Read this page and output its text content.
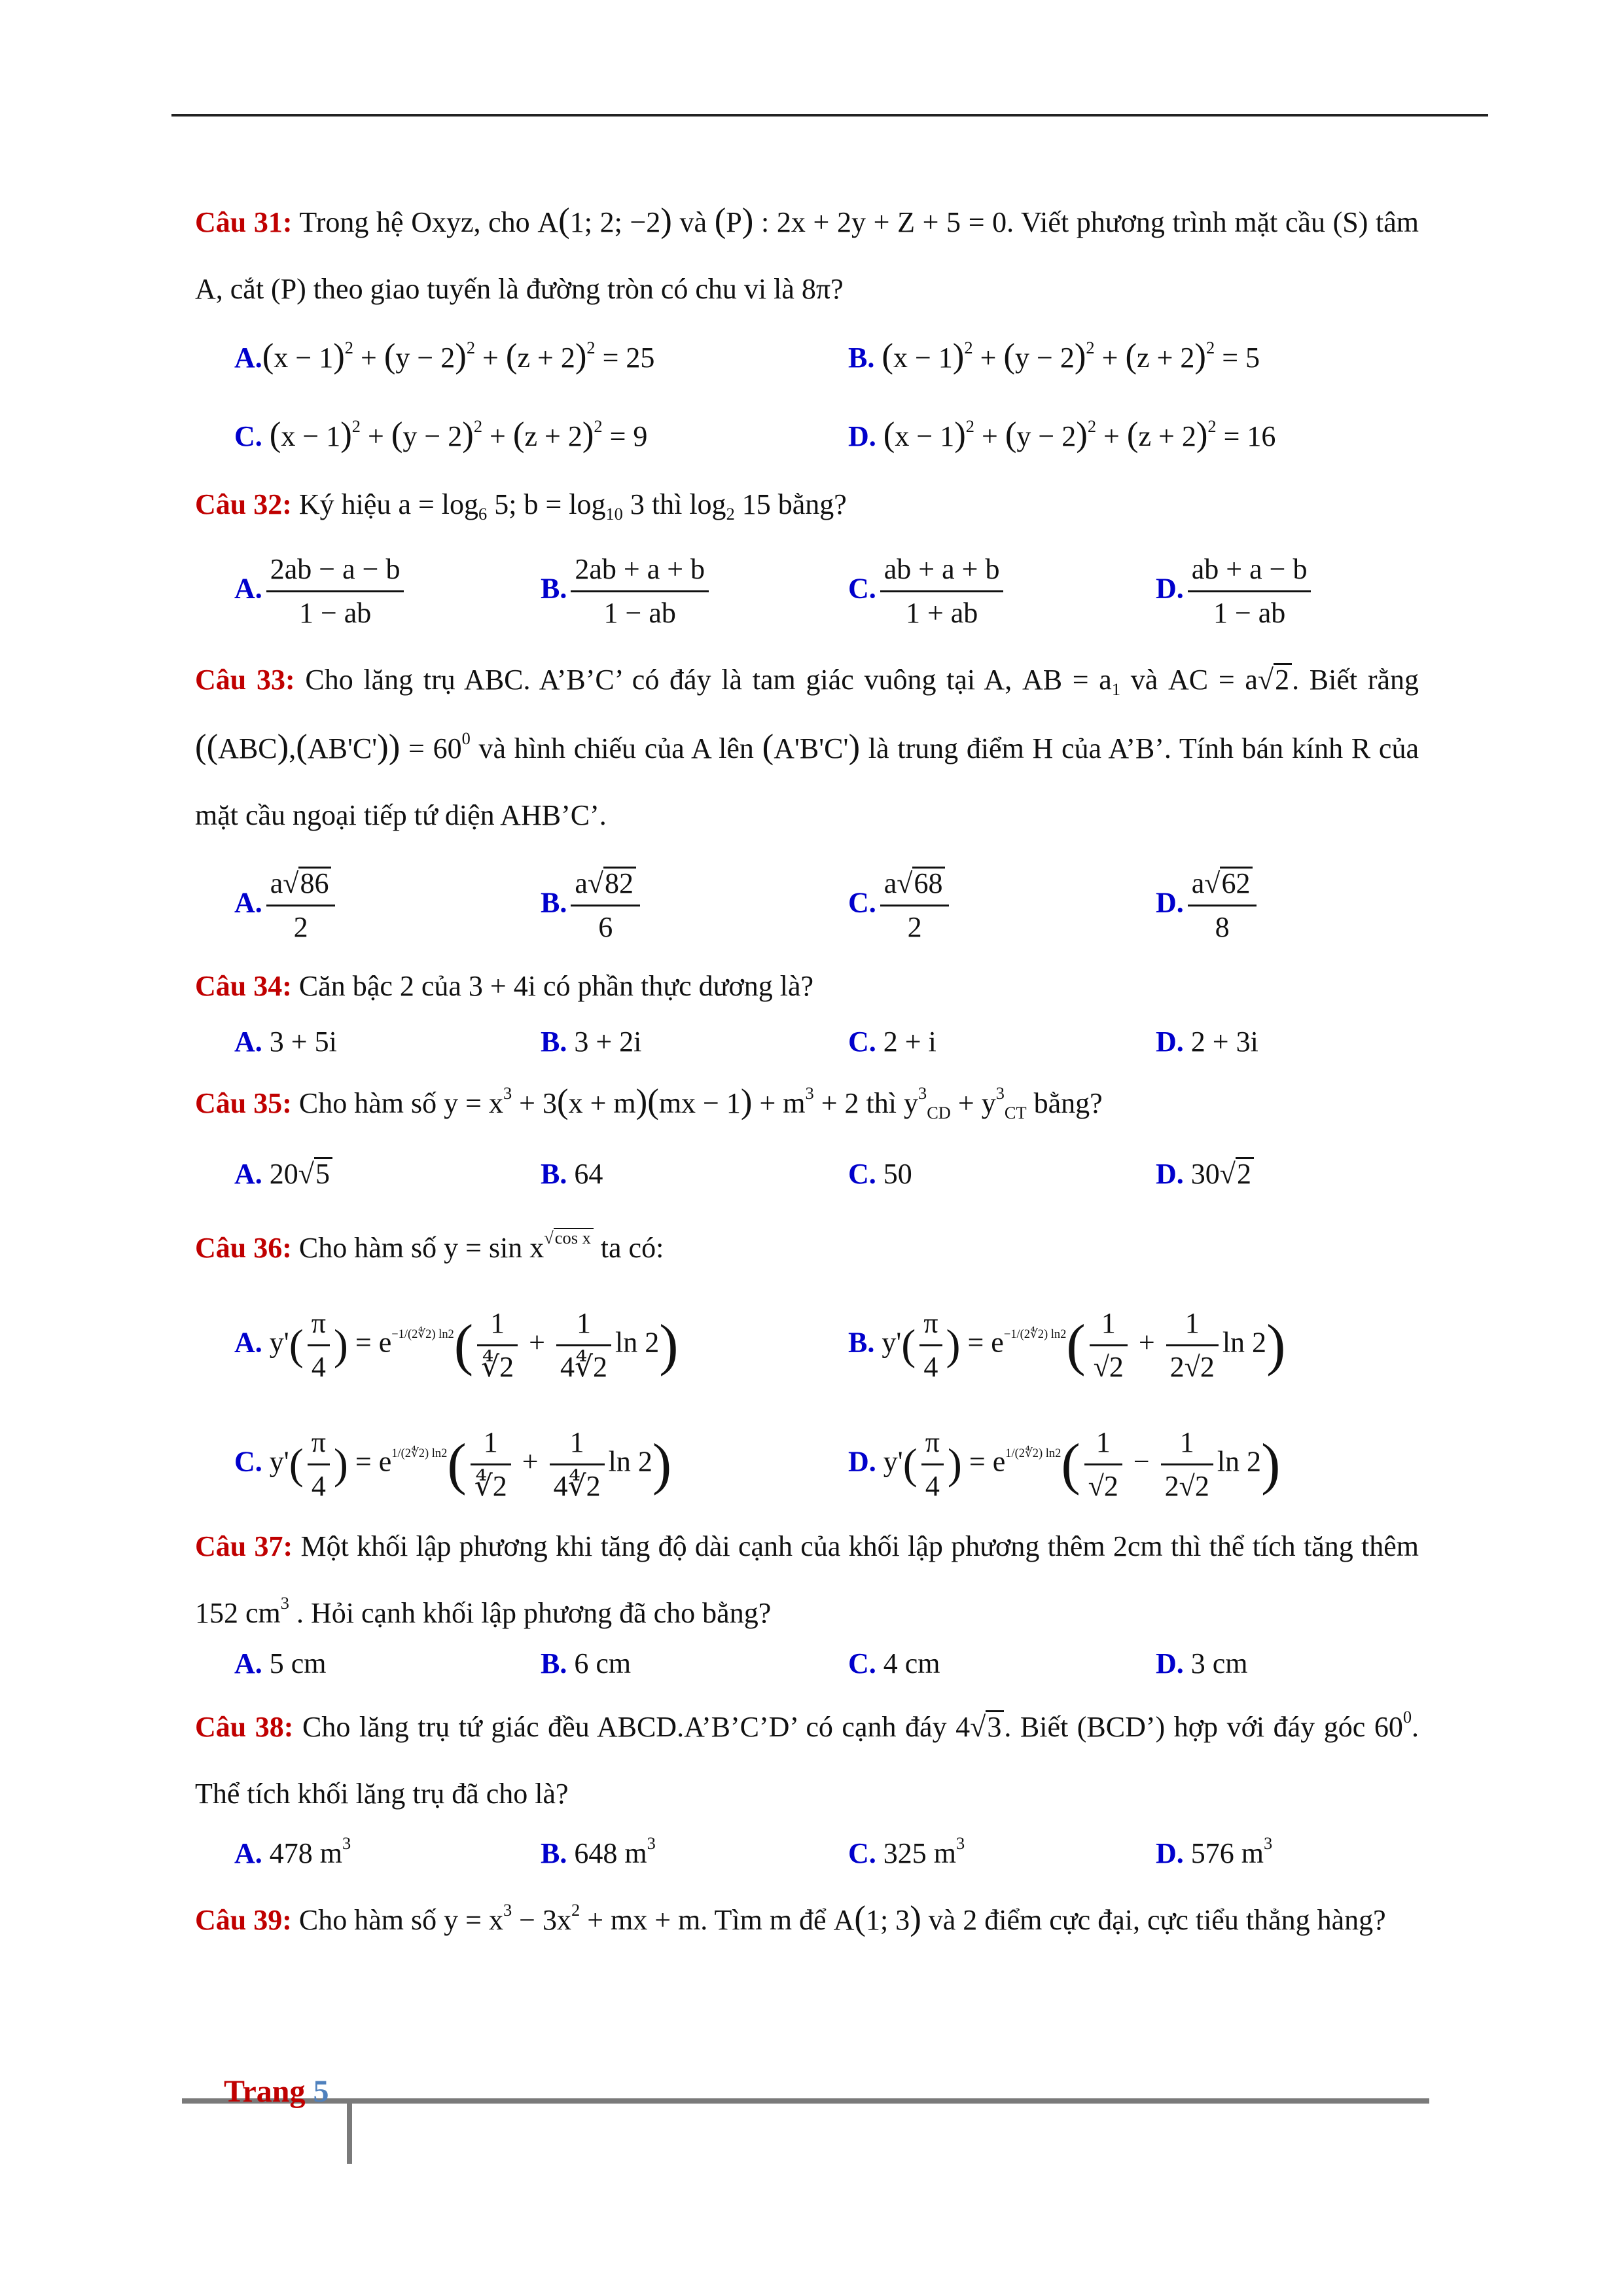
Câu 31: Trong hệ Oxyz, cho A(1; 2; −2) và (P) : 2x + 2y + Z + 5 = 0. Viết phương trình mặt cầu (S) tâm A, cắt (P) theo giao tuyến là đường tròn có chu vi là 8π?
$A.(x - 1)^2 + (y - 2)^2 + (z + 2)^2 = 25$	B. $(x - 1)^2 + (y - 2)^2 + (z + 2)^2 = 5$
C. $(x - 1)^2 + (y - 2)^2 + (z + 2)^2 = 9$	D. $(x - 1)^2 + (y - 2)^2 + (z + 2)^2 = 16$
Câu 32: Ký hiệu $a = \log_6 5$; $b = \log_{10} 3$ thì $\log_2 15$ bằng?
A. $\frac{2ab - a - b}{1 - ab}$	B. $\frac{2ab + a + b}{1 - ab}$	C. $\frac{ab + a + b}{1 + ab}$	D. $\frac{ab + a - b}{1 - ab}$
Câu 33: Cho lăng trụ ABC. A’B’C’ có đáy là tam giác vuông tại A, AB = $a_1$ và AC = a√2. Biết rằng $((ABC),(AB'C')) = 60^0$ và hình chiếu của A lên (A'B'C') là trung điểm H của A’B’. Tính bán kính R của mặt cầu ngoại tiếp tứ diện AHB’C’.
A. $\frac{a√86}{2}$	B. $\frac{a√82}{6}$	C. $\frac{a√68}{2}$	D. $\frac{a√62}{8}$
Câu 34: Căn bậc 2 của 3 + 4i có phần thực dương là?
A. 3 + 5i	B. 3 + 2i	C. 2 + i	D. 2 + 3i
Câu 35: Cho hàm số $y = x^3 + 3(x + m)(mx - 1) + m^3 + 2$ thì $y^3_{CD} + y^3_{CT}$ bằng?
A. 20√5	B. 64	C. 50	D. 30√2
Câu 36: Cho hàm số $y = \sin x^{√cos x}$ ta có:
A. $y'( \frac{\pi}{4}$ ) = $e^{-1/(2∜2) ln2}( \frac{1}{∜2} + \frac{1}{4∜2}$ ln 2)	B. $y'( \frac{\pi}{4}$ ) = $e^{-1/(2∜2) ln2}( \frac{1}{√2} + \frac{1}{2√2}$ ln 2)
C. $y'( \frac{\pi}{4}$ ) = $e^{1/(2∜2) ln2}( \frac{1}{∜2} + \frac{1}{4∜2}$ ln 2)	D. $y'( \frac{\pi}{4}$ ) = $e^{1/(2∜2) ln2}( \frac{1}{√2} - \frac{1}{2√2}$ ln 2)
Câu 37: Một khối lập phương khi tăng độ dài cạnh của khối lập phương thêm 2cm thì thể tích tăng thêm 152 $cm^3$ . Hỏi cạnh khối lập phương đã cho bằng?
A. 5 cm	B. 6 cm	C. 4 cm	D. 3 cm
Câu 38: Cho lăng trụ tứ giác đều ABCD.A’B’C’D’ có cạnh đáy 4√3. Biết (BCD’) hợp với đáy góc $60^0$. Thể tích khối lăng trụ đã cho là?
A. 478 $m^3$	B. 648 $m^3$	C. 325 $m^3$	D. 576 $m^3$
Câu 39: Cho hàm số $y = x^3 - 3x^2$ + mx + m. Tìm m để A(1; 3) và 2 điểm cực đại, cực tiểu thẳng hàng?
Trang 5
